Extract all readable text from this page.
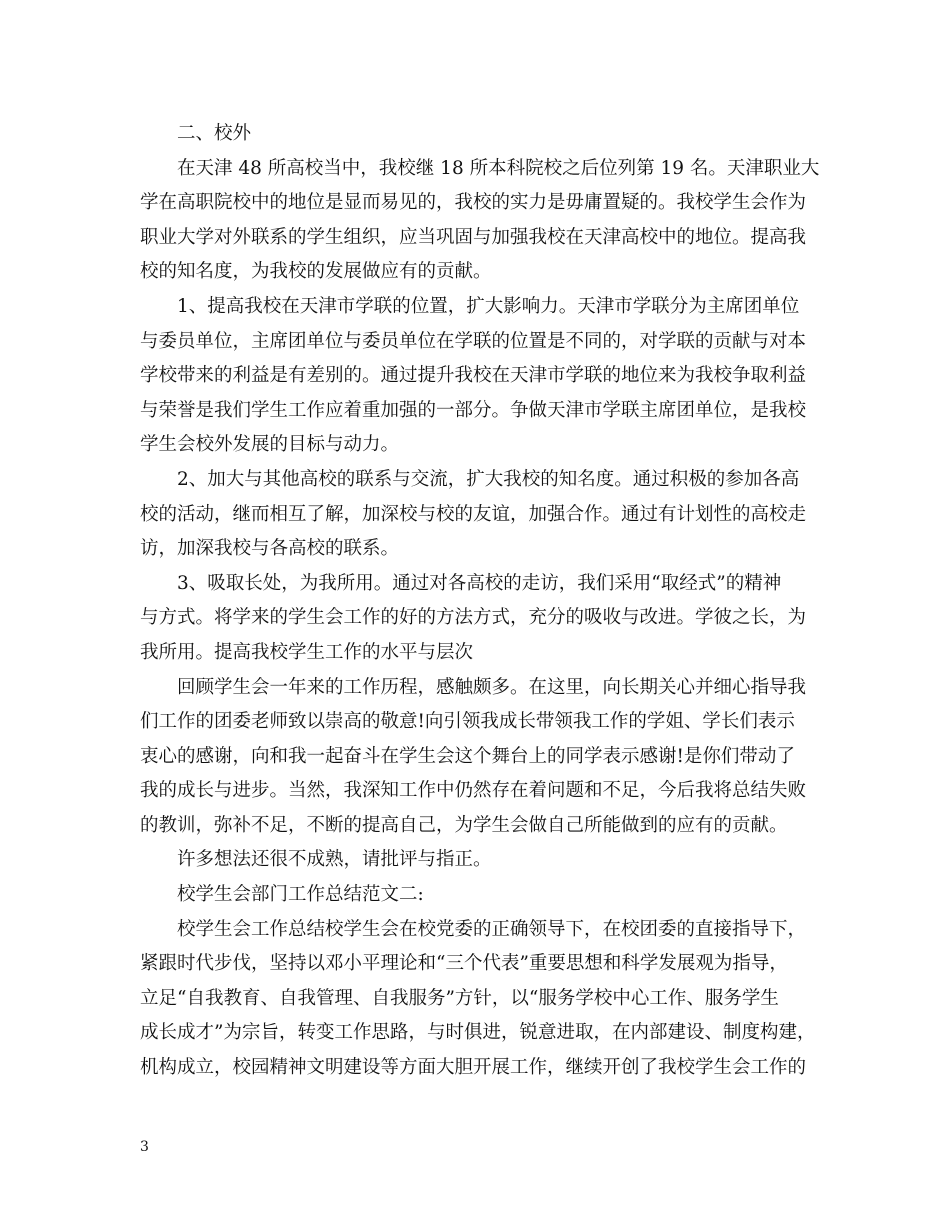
二、校外
在天津 48 所高校当中，我校继 18 所本科院校之后位列第 19 名。天津职业大
学在高职院校中的地位是显而易见的，我校的实力是毋庸置疑的。我校学生会作为
职业大学对外联系的学生组织，应当巩固与加强我校在天津高校中的地位。提高我
校的知名度，为我校的发展做应有的贡献。
1、提高我校在天津市学联的位置，扩大影响力。天津市学联分为主席团单位
与委员单位，主席团单位与委员单位在学联的位置是不同的，对学联的贡献与对本
学校带来的利益是有差别的。通过提升我校在天津市学联的地位来为我校争取利益
与荣誉是我们学生工作应着重加强的一部分。争做天津市学联主席团单位，是我校
学生会校外发展的目标与动力。
2、加大与其他高校的联系与交流，扩大我校的知名度。通过积极的参加各高
校的活动，继而相互了解，加深校与校的友谊，加强合作。通过有计划性的高校走
访，加深我校与各高校的联系。
3、吸取长处，为我所用。通过对各高校的走访，我们采用“取经式”的精神
与方式。将学来的学生会工作的好的方法方式，充分的吸收与改进。学彼之长，为
我所用。提高我校学生工作的水平与层次
回顾学生会一年来的工作历程，感触颇多。在这里，向长期关心并细心指导我
们工作的团委老师致以崇高的敬意!向引领我成长带领我工作的学姐、学长们表示
衷心的感谢，向和我一起奋斗在学生会这个舞台上的同学表示感谢!是你们带动了
我的成长与进步。当然，我深知工作中仍然存在着问题和不足，今后我将总结失败
的教训，弥补不足，不断的提高自己，为学生会做自己所能做到的应有的贡献。
许多想法还很不成熟，请批评与指正。
校学生会部门工作总结范文二:
校学生会工作总结校学生会在校党委的正确领导下，在校团委的直接指导下，
紧跟时代步伐，坚持以邓小平理论和“三个代表”重要思想和科学发展观为指导，
立足“自我教育、自我管理、自我服务”方针，以“服务学校中心工作、服务学生
成长成才”为宗旨，转变工作思路，与时俱进，锐意进取，在内部建设、制度构建，
机构成立，校园精神文明建设等方面大胆开展工作，继续开创了我校学生会工作的
3
